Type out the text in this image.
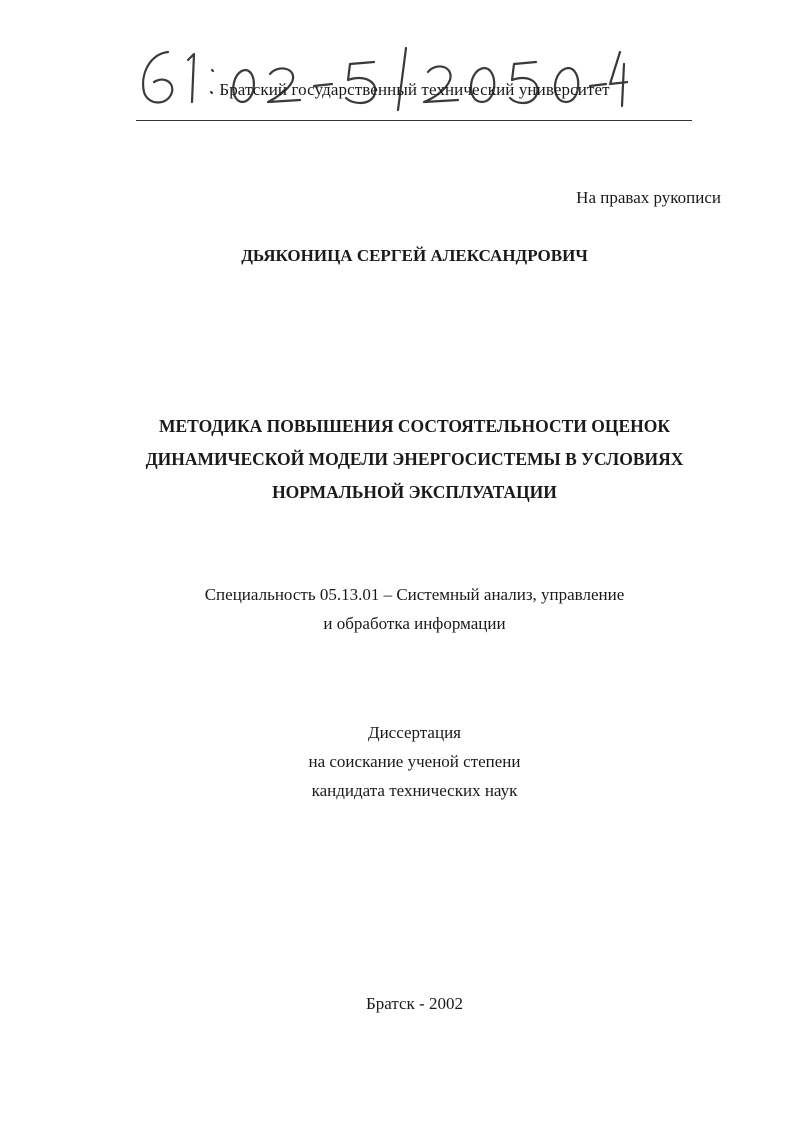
Братский государственный технический университет
На правах рукописи
ДЬЯКОНИЦА СЕРГЕЙ АЛЕКСАНДРОВИЧ
МЕТОДИКА ПОВЫШЕНИЯ СОСТОЯТЕЛЬНОСТИ ОЦЕНОК
ДИНАМИЧЕСКОЙ МОДЕЛИ ЭНЕРГОСИСТЕМЫ В УСЛОВИЯХ
НОРМАЛЬНОЙ ЭКСПЛУАТАЦИИ
Специальность 05.13.01 – Системный анализ, управление
и обработка информации
Диссертация
на соискание ученой степени
кандидата технических наук
Братск - 2002
